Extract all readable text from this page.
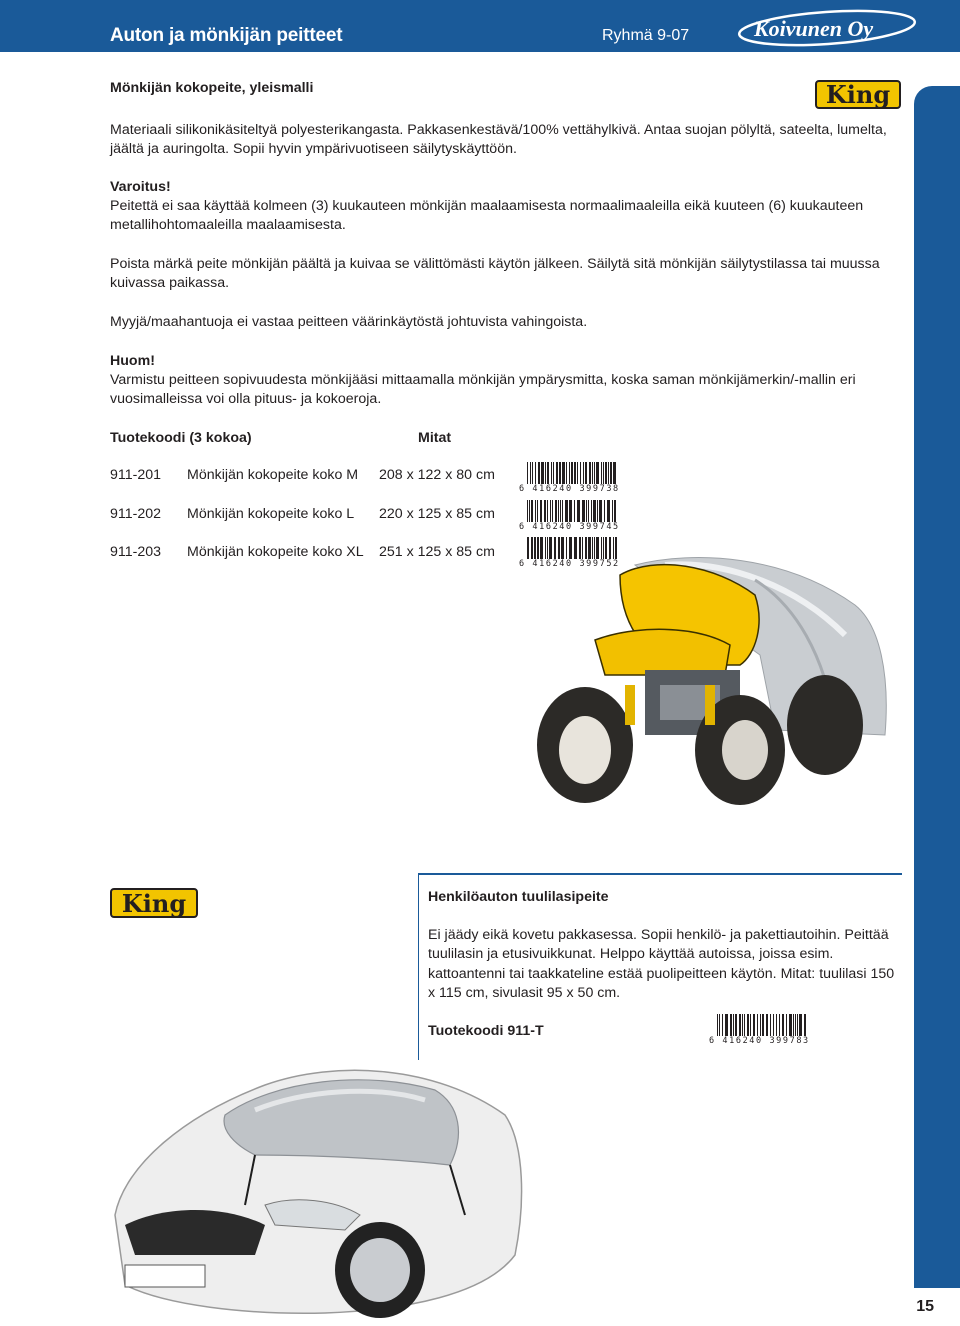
Auton ja mönkijän peitteet	Ryhmä 9-07	Koivunen Oy
15
Mönkijän kokopeite, yleismalli	King
Materiaali silikonikäsiteltyä polyesterikangasta. Pakkasenkestävä/100% vettähylkivä. Antaa suojan pölyltä, sateelta, lumelta, jäältä ja auringolta. Sopii hyvin ympärivuotiseen säilytyskäyttöön.
Varoitus!
Peitettä ei saa käyttää kolmeen (3) kuukauteen mönkijän maalaamisesta normaalimaaleilla eikä kuuteen (6) kuukauteen metallihohtomaaleilla maalaamisesta.
Poista märkä peite mönkijän päältä ja kuivaa se välittömästi käytön jälkeen. Säilytä sitä mönkijän säilytystilassa tai muussa kuivassa paikassa.
Myyjä/maahantuoja ei vastaa peitteen väärinkäytöstä johtuvista vahingoista.
Huom!
Varmistu peitteen sopivuudesta mönkijääsi mittaamalla mönkijän ympärysmitta, koska saman mönkijämerkin/-mallin eri vuosimalleissa voi olla pituus- ja kokoeroja.
Tuotekoodi (3 kokoa)	Mitat
911-201 Mönkijän kokopeite koko M 208 x 122 x 80 cm
6 416240 399738
911-202 Mönkijän kokopeite koko L 220 x 125 x 85 cm
6 416240 399745
911-203 Mönkijän kokopeite koko XL 251 x 125 x 85 cm
6 416240 399752
King	Henkilöauton tuulilasipeite
Ei jäädy eikä kovetu pakkasessa. Sopii henkilö- ja pakettiautoihin. Peittää tuulilasin ja etusivuikkunat. Helppo käyttää autoissa, joissa esim. kattoantenni tai taakkateline estää puolipeitteen käytön. Mitat: tuulilasi 150 x 115 cm, sivulasit 95 x 50 cm.
Tuotekoodi 911-T
6 416240 399783
